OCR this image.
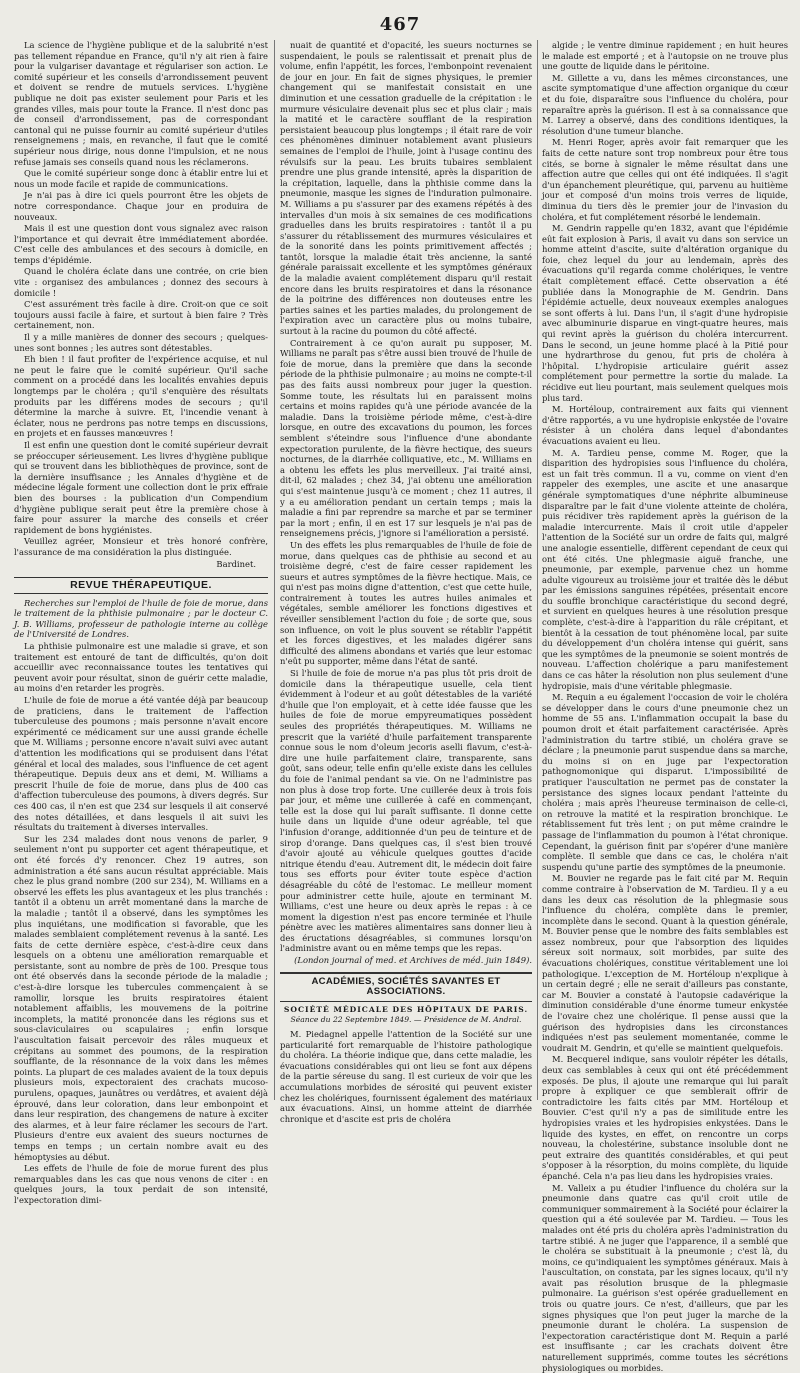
467

La science de l'hygiène publique et de la salubrité n'est pas tellement répandue en France, qu'il n'y ait rien à faire pour la vulgariser davantage et régulariser son action. Le comité supérieur et les conseils d'arrondissement peuvent et doivent se rendre de mutuels services. L'hygiène publique ne doit pas exister seulement pour Paris et les grandes villes, mais pour toute la France. Il n'est donc pas de conseil d'arrondissement, pas de correspondant cantonal qui ne puisse fournir au comité supérieur d'utiles renseignemens ; mais, en revanche, il faut que le comité supérieur nous dirige, nous donne l'impulsion, et ne nous refuse jamais ses conseils quand nous les réclamerons.

Que le comité supérieur songe donc à établir entre lui et nous un mode facile et rapide de communications.

Je n'ai pas à dire ici quels pourront être les objets de notre correspondance. Chaque jour en produira de nouveaux.

Mais il est une question dont vous signalez avec raison l'importance et qui devrait être immédiatement abordée. C'est celle des ambulances et des secours à domicile, en temps d'épidémie.

Quand le choléra éclate dans une contrée, on crie bien vite : organisez des ambulances ; donnez des secours à domicile !

C'est assurément très facile à dire. Croit-on que ce soit toujours aussi facile à faire, et surtout à bien faire ? Très certainement, non.

Il y a mille manières de donner des secours ; quelques-unes sont bonnes ; les autres sont détestables.

Eh bien ! il faut profiter de l'expérience acquise, et nul ne peut le faire que le comité supérieur. Qu'il sache comment on a procédé dans les localités envahies depuis longtemps par le choléra ; qu'il s'enquière des résultats produits par les différens modes de secours ; qu'il détermine la marche à suivre. Et, l'incendie venant à éclater, nous ne perdrons pas notre temps en discussions, en projets et en fausses manœuvres !

Il est enfin une question dont le comité supérieur devrait se préoccuper sérieusement. Les livres d'hygiène publique qui se trouvent dans les bibliothèques de province, sont de la dernière insuffisance ; les Annales d'hygiène et de médecine légale forment une collection dont le prix effraie bien des bourses : la publication d'un Compendium d'hygiène publique serait peut être la première chose à faire pour assurer la marche des conseils et créer rapidement de bons hygiénistes.

Veuillez agréer, Monsieur et très honoré confrère, l'assurance de ma considération la plus distinguée.

Bardinet.

REVUE THÉRAPEUTIQUE.

Recherches sur l'emploi de l'huile de foie de morue, dans le traitement de la phthisie pulmonaire ; par le docteur C. J. B. Williams, professeur de pathologie interne au collège de l'Université de Londres.

La phthisie pulmonaire est une maladie si grave, et son traitement est entouré de tant de difficultés, qu'on doit accueillir avec reconnaissance toutes les tentatives qui peuvent avoir pour résultat, sinon de guérir cette maladie, au moins d'en retarder les progrès.

L'huile de foie de morue a été vantée déjà par beaucoup de praticiens, dans le traitement de l'affection tuberculeuse des poumons ; mais personne n'avait encore expérimenté ce médicament sur une aussi grande échelle que M. Williams ; personne encore n'avait suivi avec autant d'attention les modifications qui se produisent dans l'état général et local des malades, sous l'influence de cet agent thérapeutique. Depuis deux ans et demi, M. Williams a prescrit l'huile de foie de morue, dans plus de 400 cas d'affection tuberculeuse des poumons, à divers degrés. Sur ces 400 cas, il n'en est que 234 sur lesquels il ait conservé des notes détaillées, et dans lesquels il ait suivi les résultats du traitement à diverses intervalles.

Sur les 234 malades dont nous venons de parler, 9 seulement n'ont pu supporter cet agent thérapeutique, et ont été forcés d'y renoncer. Chez 19 autres, son administration a été sans aucun résultat appréciable. Mais chez le plus grand nombre (200 sur 234), M. Williams en a observé les effets les plus avantageux et les plus tranchés : tantôt il a obtenu un arrêt momentané dans la marche de la maladie ; tantôt il a observé, dans les symptômes les plus inquiétans, une modification si favorable, que les malades semblaient complétement revenus à la santé. Les faits de cette dernière espèce, c'est-à-dire ceux dans lesquels on a obtenu une amélioration remarquable et persistante, sont au nombre de près de 100. Presque tous ont été observés dans la seconde période de la maladie ; c'est-à-dire lorsque les tubercules commençaient à se ramollir, lorsque les bruits respiratoires étaient notablement affaiblis, les mouvemens de la poitrine incomplets, la matité prononcée dans les régions sus et sous-claviculaires ou scapulaires ; enfin lorsque l'auscultation faisait percevoir des râles muqueux et crépitans au sommet des poumons, de la respiration soufflante, de la résonnance de la voix dans les mêmes points. La plupart de ces malades avaient de la toux depuis plusieurs mois, expectoraient des crachats mucoso-purulens, opaques, jaunâtres ou verdâtres, et avaient déjà éprouvé, dans leur coloration, dans leur embonpoint et dans leur respiration, des changemens de nature à exciter des alarmes, et à leur faire réclamer les secours de l'art. Plusieurs d'entre eux avaient des sueurs nocturnes de temps en temps ; un certain nombre avait eu des hémoptysies au début.

Les effets de l'huile de foie de morue furent des plus remarquables dans les cas que nous venons de citer : en quelques jours, la toux perdait de son intensité, l'expectoration dimi-

nuait de quantité et d'opacité, les sueurs nocturnes se suspendaient, le pouls se ralentissait et prenait plus de volume, enfin l'appétit, les forces, l'embonpoint revenaient de jour en jour. En fait de signes physiques, le premier changement qui se manifestait consistait en une diminution et une cessation graduelle de la crépitation : le murmure vésiculaire devenait plus sec et plus clair ; mais la matité et le caractère soufflant de la respiration persistaient beaucoup plus longtemps ; il était rare de voir ces phénomènes diminuer notablement avant plusieurs semaines de l'emploi de l'huile, joint à l'usage continu des révulsifs sur la peau. Les bruits tubaires semblaient prendre une plus grande intensité, après la disparition de la crépitation, laquelle, dans la phthisie comme dans la pneumonie, masque les signes de l'induration pulmonaire. M. Williams a pu s'assurer par des examens répétés à des intervalles d'un mois à six semaines de ces modifications graduelles dans les bruits respiratoires : tantôt il a pu s'assurer du rétablissement des murmures vésiculaires et de la sonorité dans les points primitivement affectés ; tantôt, lorsque la maladie était très ancienne, la santé générale paraissait excellente et les symptômes généraux de la maladie avaient complétement disparu qu'il restait encore dans les bruits respiratoires et dans la résonance de la poitrine des différences non douteuses entre les parties saines et les parties malades, du prolongement de l'expiration avec un caractère plus ou moins tubaire, surtout à la racine du poumon du côté affecté.

Contrairement à ce qu'on aurait pu supposer, M. Williams ne paraît pas s'être aussi bien trouvé de l'huile de foie de morue, dans la première que dans la seconde période de la phthisie pulmonaire ; au moins ne compte-t-il pas des faits aussi nombreux pour juger la question. Somme toute, les résultats lui en paraissent moins certains et moins rapides qu'à une période avancée de la maladie. Dans la troisième période même, c'est-à-dire lorsque, en outre des excavations du poumon, les forces semblent s'éteindre sous l'influence d'une abondante expectoration purulente, de la fièvre hectique, des sueurs nocturnes, de la diarrhée colliquative, etc., M. Williams en a obtenu les effets les plus merveilleux. J'ai traité ainsi, dit-il, 62 malades ; chez 34, j'ai obtenu une amélioration qui s'est maintenue jusqu'à ce moment ; chez 11 autres, il y a eu amélioration pendant un certain temps ; mais la maladie a fini par reprendre sa marche et par se terminer par la mort ; enfin, il en est 17 sur lesquels je n'ai pas de renseignemens précis, j'ignore si l'amélioration a persisté.

Un des effets les plus remarquables de l'huile de foie de morue, dans quelques cas de phthisie au second et au troisième degré, c'est de faire cesser rapidement les sueurs et autres symptômes de la fièvre hectique. Mais, ce qui n'est pas moins digne d'attention, c'est que cette huile, contrairement à toutes les autres huiles animales et végétales, semble améliorer les fonctions digestives et réveiller sensiblement l'action du foie ; de sorte que, sous son influence, on voit le plus souvent se rétablir l'appétit et les forces digestives, et les malades digérer sans difficulté des alimens abondans et variés que leur estomac n'eût pu supporter, même dans l'état de santé.

Si l'huile de foie de morue n'a pas plus tôt pris droit de domicile dans la thérapeutique usuelle, cela tient évidemment à l'odeur et au goût détestables de la variété d'huile que l'on employait, et à cette idée fausse que les huiles de foie de morue empyreumatiques possèdent seules des propriétés thérapeutiques. M. Williams ne prescrit que la variété d'huile parfaitement transparente connue sous le nom d'oleum jecoris aselli flavum, c'est-à-dire une huile parfaitement claire, transparente, sans goût, sans odeur, telle enfin qu'elle existe dans les cellules du foie de l'animal pendant sa vie. On ne l'administre pas non plus à dose trop forte. Une cuillerée deux à trois fois par jour, et même une cuillerée à café en commençant, telle est la dose qui lui paraît suffisante. Il donne cette huile dans un liquide d'une odeur agréable, tel que l'infusion d'orange, additionnée d'un peu de teinture et de sirop d'orange. Dans quelques cas, il s'est bien trouvé d'avoir ajouté au véhicule quelques gouttes d'acide nitrique étendu d'eau. Autrement dit, le médecin doit faire tous ses efforts pour éviter toute espèce d'action désagréable du côté de l'estomac. Le meilleur moment pour administrer cette huile, ajoute en terminant M. Williams, c'est une heure ou deux après le repas : à ce moment la digestion n'est pas encore terminée et l'huile pénètre avec les matières alimentaires sans donner lieu à des éructations désagréables, si communes lorsqu'on l'administre avant ou en même temps que les repas.

(London journal of med. et Archives de méd. juin 1849).

ACADÉMIES, SOCIÉTÉS SAVANTES ET ASSOCIATIONS.

SOCIÉTÉ MÉDICALE DES HÔPITAUX DE PARIS.

Séance du 22 Septembre 1849. — Présidence de M. Andral.

M. Piedagnel appelle l'attention de la Société sur une particularité fort remarquable de l'histoire pathologique du choléra. La théorie indique que, dans cette maladie, les évacuations considérables qui ont lieu se font aux dépens de la partie séreuse du sang. Il est curieux de voir que les accumulations morbides de sérosité qui peuvent exister chez les cholériques, fournissent également des matériaux aux évacuations. Ainsi, un homme atteint de diarrhée chronique et d'ascite est pris de choléra

algide ; le ventre diminue rapidement ; en huit heures le malade est emporté ; et à l'autopsie on ne trouve plus une goutte de liquide dans le péritoine.

M. Gillette a vu, dans les mêmes circonstances, une ascite symptomatique d'une affection organique du cœur et du foie, disparaître sous l'influence du choléra, pour reparaître après la guérison. Il est à sa connaissance que M. Larrey a observé, dans des conditions identiques, la résolution d'une tumeur blanche.

M. Henri Roger, après avoir fait remarquer que les faits de cette nature sont trop nombreux pour être tous cités, se borne à signaler le même résultat dans une affection autre que celles qui ont été indiquées. Il s'agit d'un épanchement pleurétique, qui, parvenu au huitième jour et composé d'un moins trois verres de liquide, diminua du tiers dès le premier jour de l'invasion du choléra, et fut complétement résorbé le lendemain.

M. Gendrin rappelle qu'en 1832, avant que l'épidémie eût fait explosion à Paris, il avait vu dans son service un homme atteint d'ascite, suite d'altération organique du foie, chez lequel du jour au lendemain, après des évacuations qu'il regarda comme cholériques, le ventre était complètement effacé. Cette observation a été publiée dans la Monographie de M. Gendrin. Dans l'épidémie actuelle, deux nouveaux exemples analogues se sont offerts à lui. Dans l'un, il s'agit d'une hydropisie avec albuminurie disparue en vingt-quatre heures, mais qui revint après la guérison du choléra intercurrent. Dans le second, un jeune homme placé à la Pitié pour une hydrarthrose du genou, fut pris de choléra à l'hôpital. L'hydropisie articulaire guérit assez complétement pour permettre la sortie du malade. La récidive eut lieu pourtant, mais seulement quelques mois plus tard.

M. Hortéloup, contrairement aux faits qui viennent d'être rapportés, a vu une hydropisie enkystée de l'ovaire résister à un choléra dans lequel d'abondantes évacuations avaient eu lieu.

M. A. Tardieu pense, comme M. Roger, que la disparition des hydropisies sous l'influence du choléra, est un fait très commun. Il a vu, comme on vient d'en rappeler des exemples, une ascite et une anasarque générale symptomatiques d'une néphrite albumineuse disparaître par le fait d'une violente atteinte de choléra, puis récidiver très rapidement après la guérison de la maladie intercurrente. Mais il croit utile d'appeler l'attention de la Société sur un ordre de faits qui, malgré une analogie essentielle, diffèrent cependant de ceux qui ont été cités. Une phlegmasie aiguë franche, une pneumonie, par exemple, parvenue chez un homme adulte vigoureux au troisième jour et traitée dès le début par les émissions sanguines répétées, présentait encore du souffle bronchique caractéristique du second degré, et survient en quelques heures à une résolution presque complète, c'est-à-dire à l'apparition du râle crépitant, et bientôt à la cessation de tout phénomène local, par suite du développement d'un choléra intense qui guérit, sans que les symptômes de la pneumonie se soient montrés de nouveau. L'affection cholérique a paru manifestement dans ce cas hâter la résolution non plus seulement d'une hydropisie, mais d'une véritable phlegmasie.

M. Requin a eu également l'occasion de voir le choléra se développer dans le cours d'une pneumonie chez un homme de 55 ans. L'inflammation occupait la base du poumon droit et était parfaitement caractérisée. Après l'administration du tartre stibié, un choléra grave se déclare ; la pneumonie parut suspendue dans sa marche, du moins si on en juge par l'expectoration pathognomonique qui disparut. L'impossibilité de pratiquer l'auscultation ne permet pas de constater la persistance des signes locaux pendant l'atteinte du choléra ; mais après l'heureuse terminaison de celle-ci, on retrouve la matité et la respiration bronchique. Le rétablissement fut très lent ; on put même craindre le passage de l'inflammation du poumon à l'état chronique. Cependant, la guérison finit par s'opérer d'une manière complète. Il semble que dans ce cas, le choléra n'ait suspendu qu'une partie des symptômes de la pneumonie.

M. Bouvier ne regarde pas le fait cité par M. Requin comme contraire à l'observation de M. Tardieu. Il y a eu dans les deux cas résolution de la phlegmasie sous l'influence du choléra, complète dans le premier, incomplète dans le second. Quant à la question générale, M. Bouvier pense que le nombre des faits semblables est assez nombreux, pour que l'absorption des liquides séreux soit normaux, soit morbides, par suite des évacuations cholériques, constitue véritablement une loi pathologique. L'exception de M. Hortéloup n'explique à un certain degré ; elle ne serait d'ailleurs pas constante, car M. Bouvier a constaté à l'autopsie cadavérique la diminution considérable d'une énorme tumeur enkystée de l'ovaire chez une cholérique. Il pense aussi que la guérison des hydropisies dans les circonstances indiquées n'est pas seulement momentanée, comme le voudrait M. Gendrin, et qu'elle se maintient quelquefois.

M. Becquerel indique, sans vouloir répéter les détails, deux cas semblables à ceux qui ont été précédemment exposés. De plus, il ajoute une remarque qui lui paraît propre à expliquer ce que semblerait offrir de contradictoire les faits cités par MM. Hortéloup et Bouvier. C'est qu'il n'y a pas de similitude entre les hydropisies vraies et les hydropisies enkystées. Dans le liquide des kystes, en effet, on rencontre un corps nouveau, la cholestérine, substance insoluble dont ne peut extraire des quantités considérables, et qui peut s'opposer à la résorption, du moins complète, du liquide épanché. Cela n'a pas lieu dans les hydropisies vraies.

M. Valleix a pu étudier l'influence du choléra sur la pneumonie dans quatre cas qu'il croit utile de communiquer sommairement à la Société pour éclairer la question qui a été soulevée par M. Tardieu. — Tous les malades ont été pris du choléra après l'administration du tartre stibié. À ne juger que l'apparence, il a semblé que le choléra se substituait à la pneumonie ; c'est là, du moins, ce qu'indiquaient les symptômes généraux. Mais à l'auscultation, on constata, par les signes locaux, qu'il n'y avait pas résolution brusque de la phlegmasie pulmonaire. La guérison s'est opérée graduellement en trois ou quatre jours. Ce n'est, d'ailleurs, que par les signes physiques que l'on peut juger la marche de la pneumonie durant le choléra. La suspension de l'expectoration caractéristique dont M. Requin a parlé est insuffisante ; car les crachats doivent être naturellement supprimés, comme toutes les sécrétions physiologiques ou morbides.
